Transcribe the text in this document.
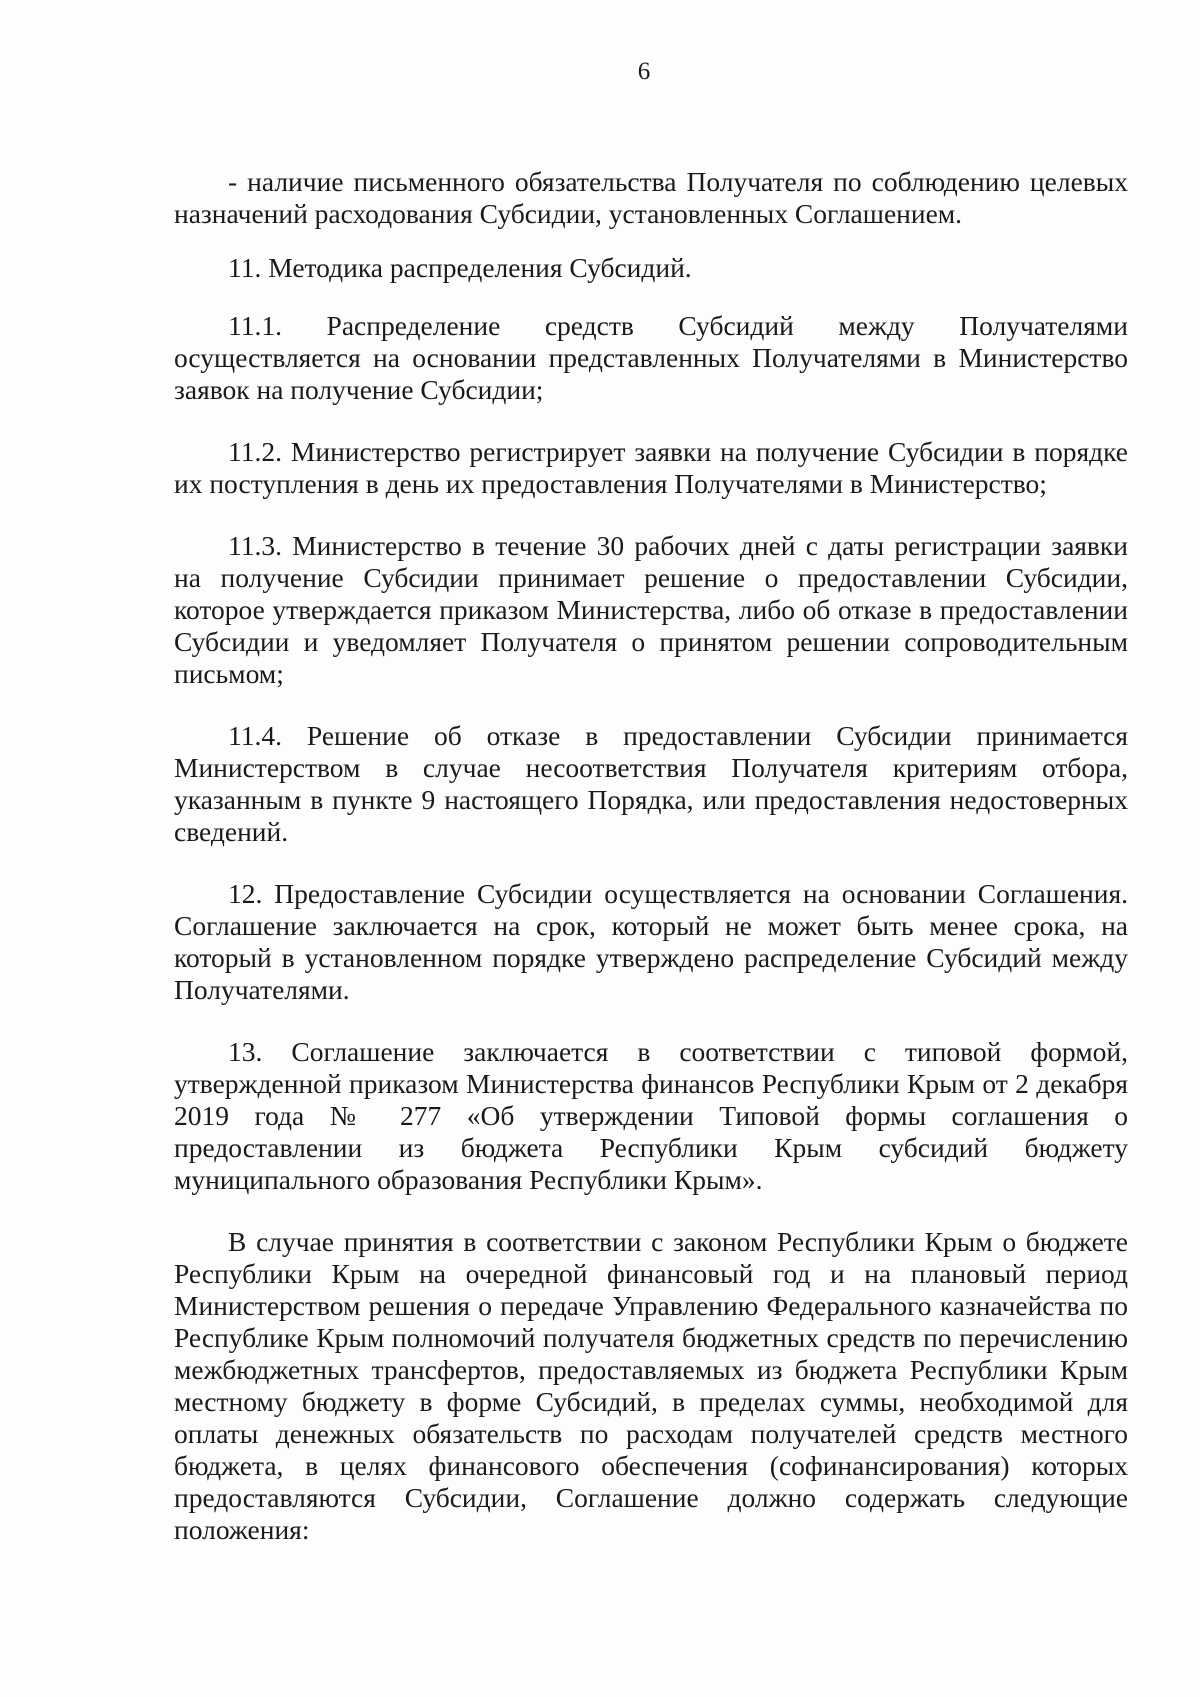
6

- наличие письменного обязательства Получателя по соблюдению целевых назначений расходования Субсидии, установленных Соглашением.

11. Методика распределения Субсидий.

11.1. Распределение средств Субсидий между Получателями осуществляется на основании представленных Получателями в Министерство заявок на получение Субсидии;

11.2. Министерство регистрирует заявки на получение Субсидии в порядке их поступления в день их предоставления Получателями в Министерство;

11.3. Министерство в течение 30 рабочих дней с даты регистрации заявки на получение Субсидии принимает решение о предоставлении Субсидии, которое утверждается приказом Министерства, либо об отказе в предоставлении Субсидии и уведомляет Получателя о принятом решении сопроводительным письмом;

11.4. Решение об отказе в предоставлении Субсидии принимается Министерством в случае несоответствия Получателя критериям отбора, указанным в пункте 9 настоящего Порядка, или предоставления недостоверных сведений.

12. Предоставление Субсидии осуществляется на основании Соглашения. Соглашение заключается на срок, который не может быть менее срока, на который в установленном порядке утверждено распределение Субсидий между Получателями.

13. Соглашение заключается в соответствии с типовой формой, утвержденной приказом Министерства финансов Республики Крым от 2 декабря 2019 года № 277 «Об утверждении Типовой формы соглашения о предоставлении из бюджета Республики Крым субсидий бюджету муниципального образования Республики Крым».

В случае принятия в соответствии с законом Республики Крым о бюджете Республики Крым на очередной финансовый год и на плановый период Министерством решения о передаче Управлению Федерального казначейства по Республике Крым полномочий получателя бюджетных средств по перечислению межбюджетных трансфертов, предоставляемых из бюджета Республики Крым местному бюджету в форме Субсидий, в пределах суммы, необходимой для оплаты денежных обязательств по расходам получателей средств местного бюджета, в целях финансового обеспечения (софинансирования) которых предоставляются Субсидии, Соглашение должно содержать следующие положения:
